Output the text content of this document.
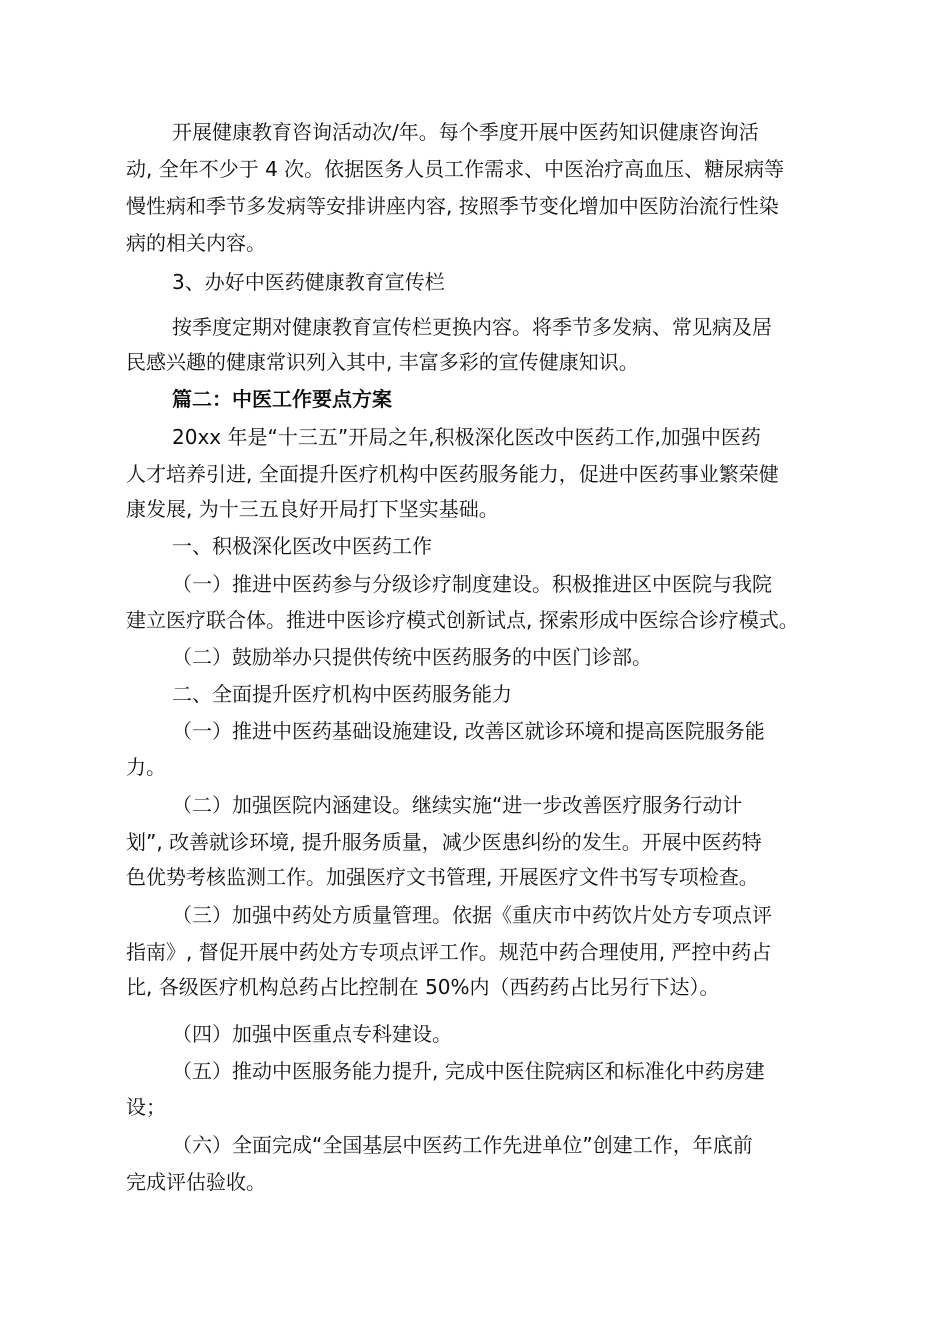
开展健康教育咨询活动次/年。每个季度开展中医药知识健康咨询活
动, 全年不少于 4 次。依据医务人员工作需求、中医治疗高血压、糖尿病等
慢性病和季节多发病等安排讲座内容, 按照季节变化增加中医防治流行性染
病的相关内容。
3、办好中医药健康教育宣传栏
按季度定期对健康教育宣传栏更换内容。将季节多发病、常见病及居
民感兴趣的健康常识列入其中, 丰富多彩的宣传健康知识。
篇二：中医工作要点方案
20xx 年是“十三五”开局之年,积极深化医改中医药工作,加强中医药
人才培养引进, 全面提升医疗机构中医药服务能力，促进中医药事业繁荣健
康发展, 为十三五良好开局打下坚实基础。
一、积极深化医改中医药工作
（一）推进中医药参与分级诊疗制度建设。积极推进区中医院与我院
建立医疗联合体。推进中医诊疗模式创新试点, 探索形成中医综合诊疗模式。
（二）鼓励举办只提供传统中医药服务的中医门诊部。
二、全面提升医疗机构中医药服务能力
（一）推进中医药基础设施建设, 改善区就诊环境和提高医院服务能
力。
（二）加强医院内涵建设。继续实施“进一步改善医疗服务行动计
划”, 改善就诊环境, 提升服务质量，减少医患纠纷的发生。开展中医药特
色优势考核监测工作。加强医疗文书管理, 开展医疗文件书写专项检查。
（三）加强中药处方质量管理。依据《重庆市中药饮片处方专项点评
指南》, 督促开展中药处方专项点评工作。规范中药合理使用, 严控中药占
比, 各级医疗机构总药占比控制在 50%内（西药药占比另行下达）。
（四）加强中医重点专科建设。
（五）推动中医服务能力提升, 完成中医住院病区和标准化中药房建
设；
（六）全面完成“全国基层中医药工作先进单位”创建工作，年底前
完成评估验收。
